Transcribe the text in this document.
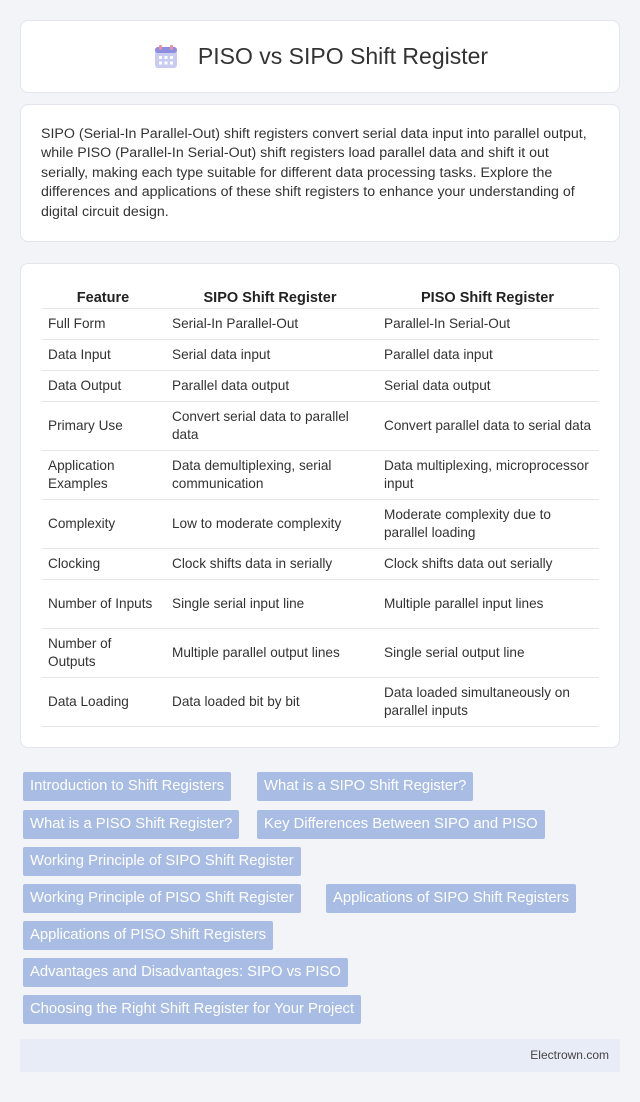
PISO vs SIPO Shift Register

SIPO (Serial-In Parallel-Out) shift registers convert serial data input into parallel output, while PISO (Parallel-In Serial-Out) shift registers load parallel data and shift it out serially, making each type suitable for different data processing tasks. Explore the differences and applications of these shift registers to enhance your understanding of digital circuit design.

Feature	SIPO Shift Register	PISO Shift Register
Full Form	Serial-In Parallel-Out	Parallel-In Serial-Out
Data Input	Serial data input	Parallel data input
Data Output	Parallel data output	Serial data output
Primary Use	Convert serial data to parallel data	Convert parallel data to serial data
Application Examples	Data demultiplexing, serial communication	Data multiplexing, microprocessor input
Complexity	Low to moderate complexity	Moderate complexity due to parallel loading
Clocking	Clock shifts data in serially	Clock shifts data out serially
Number of Inputs	Single serial input line	Multiple parallel input lines
Number of Outputs	Multiple parallel output lines	Single serial output line
Data Loading	Data loaded bit by bit	Data loaded simultaneously on parallel inputs
Introduction to Shift Registers	What is a SIPO Shift Register?
What is a PISO Shift Register?	Key Differences Between SIPO and PISO
Working Principle of SIPO Shift Register
Working Principle of PISO Shift Register	Applications of SIPO Shift Registers
Applications of PISO Shift Registers
Advantages and Disadvantages: SIPO vs PISO
Choosing the Right Shift Register for Your Project
Electrown.com
